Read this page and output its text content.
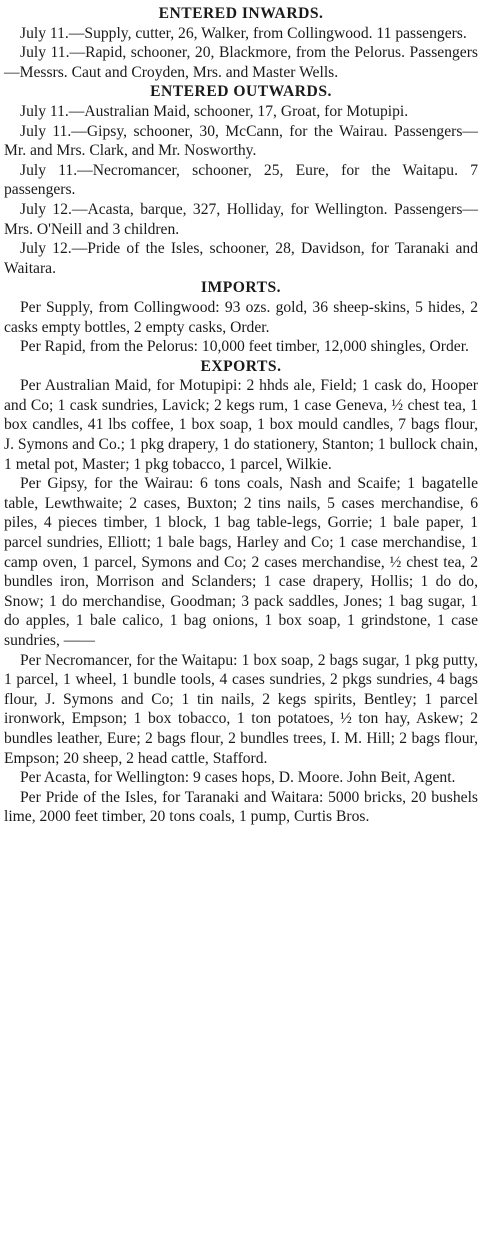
ENTERED INWARDS.

July 11.—Supply, cutter, 26, Walker, from Collingwood. 11 passengers.

July 11.—Rapid, schooner, 20, Blackmore, from the Pelorus. Passengers—Messrs. Caut and Croyden, Mrs. and Master Wells.

ENTERED OUTWARDS.

July 11.—Australian Maid, schooner, 17, Groat, for Motupipi.

July 11.—Gipsy, schooner, 30, McCann, for the Wairau. Passengers—Mr. and Mrs. Clark, and Mr. Nosworthy.

July 11.—Necromancer, schooner, 25, Eure, for the Waitapu. 7 passengers.

July 12.—Acasta, barque, 327, Holliday, for Wellington. Passengers—Mrs. O'Neill and 3 children.

July 12.—Pride of the Isles, schooner, 28, Davidson, for Taranaki and Waitara.

IMPORTS.

Per Supply, from Collingwood: 93 ozs. gold, 36 sheep-skins, 5 hides, 2 casks empty bottles, 2 empty casks, Order.

Per Rapid, from the Pelorus: 10,000 feet timber, 12,000 shingles, Order.

EXPORTS.

Per Australian Maid, for Motupipi: 2 hhds ale, Field; 1 cask do, Hooper and Co; 1 cask sundries, Lavick; 2 kegs rum, 1 case Geneva, ½ chest tea, 1 box candles, 41 lbs coffee, 1 box soap, 1 box mould candles, 7 bags flour, J. Symons and Co.; 1 pkg drapery, 1 do stationery, Stanton; 1 bullock chain, 1 metal pot, Master; 1 pkg tobacco, 1 parcel, Wilkie.

Per Gipsy, for the Wairau: 6 tons coals, Nash and Scaife; 1 bagatelle table, Lewthwaite; 2 cases, Buxton; 2 tins nails, 5 cases merchandise, 6 piles, 4 pieces timber, 1 block, 1 bag table-legs, Gorrie; 1 bale paper, 1 parcel sundries, Elliott; 1 bale bags, Harley and Co; 1 case merchandise, 1 camp oven, 1 parcel, Symons and Co; 2 cases merchandise, ½ chest tea, 2 bundles iron, Morrison and Sclanders; 1 case drapery, Hollis; 1 do do, Snow; 1 do merchandise, Goodman; 3 pack saddles, Jones; 1 bag sugar, 1 do apples, 1 bale calico, 1 bag onions, 1 box soap, 1 grindstone, 1 case sundries, ——

Per Necromancer, for the Waitapu: 1 box soap, 2 bags sugar, 1 pkg putty, 1 parcel, 1 wheel, 1 bundle tools, 4 cases sundries, 2 pkgs sundries, 4 bags flour, J. Symons and Co; 1 tin nails, 2 kegs spirits, Bentley; 1 parcel ironwork, Empson; 1 box tobacco, 1 ton potatoes, ½ ton hay, Askew; 2 bundles leather, Eure; 2 bags flour, 2 bundles trees, I. M. Hill; 2 bags flour, Empson; 20 sheep, 2 head cattle, Stafford.

Per Acasta, for Wellington: 9 cases hops, D. Moore. John Beit, Agent.

Per Pride of the Isles, for Taranaki and Waitara: 5000 bricks, 20 bushels lime, 2000 feet timber, 20 tons coals, 1 pump, Curtis Bros.
